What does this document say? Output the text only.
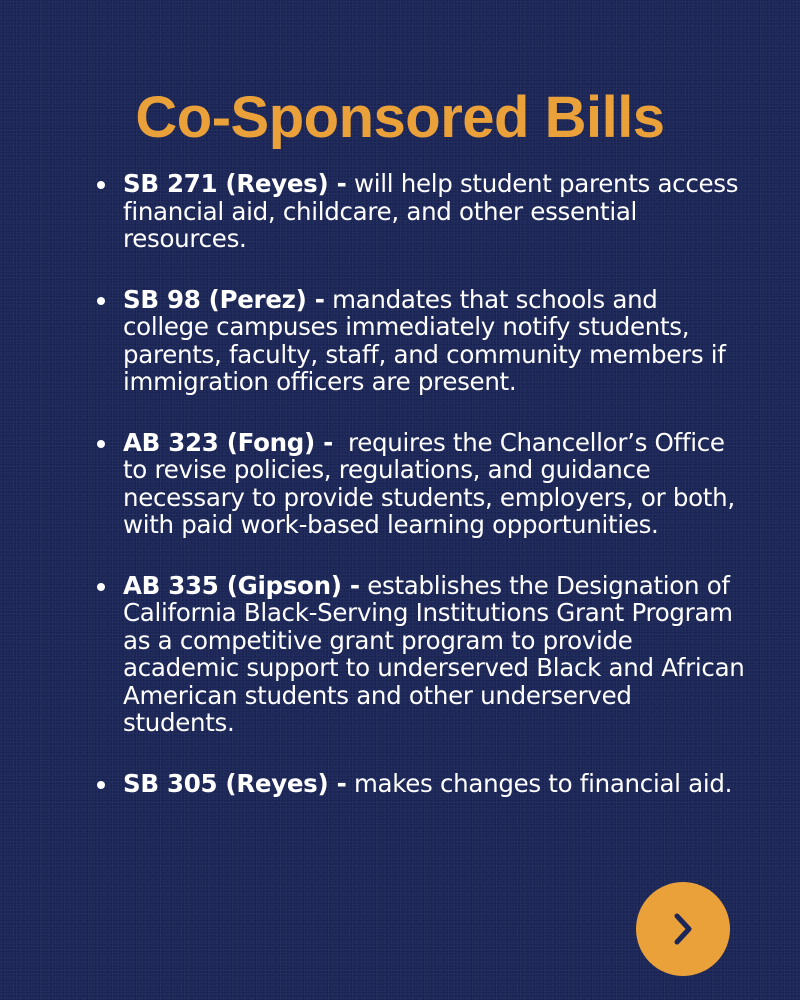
Co-Sponsored Bills
SB 271 (Reyes) - will help student parents access financial aid, childcare, and other essential resources.
SB 98 (Perez) - mandates that schools and college campuses immediately notify students, parents, faculty, staff, and community members if immigration officers are present.
AB 323 (Fong) -  requires the Chancellor’s Office to revise policies, regulations, and guidance necessary to provide students, employers, or both, with paid work-based learning opportunities.
AB 335 (Gipson) - establishes the Designation of California Black-Serving Institutions Grant Program as a competitive grant program to provide academic support to underserved Black and African American students and other underserved students.
SB 305 (Reyes) - makes changes to financial aid.
